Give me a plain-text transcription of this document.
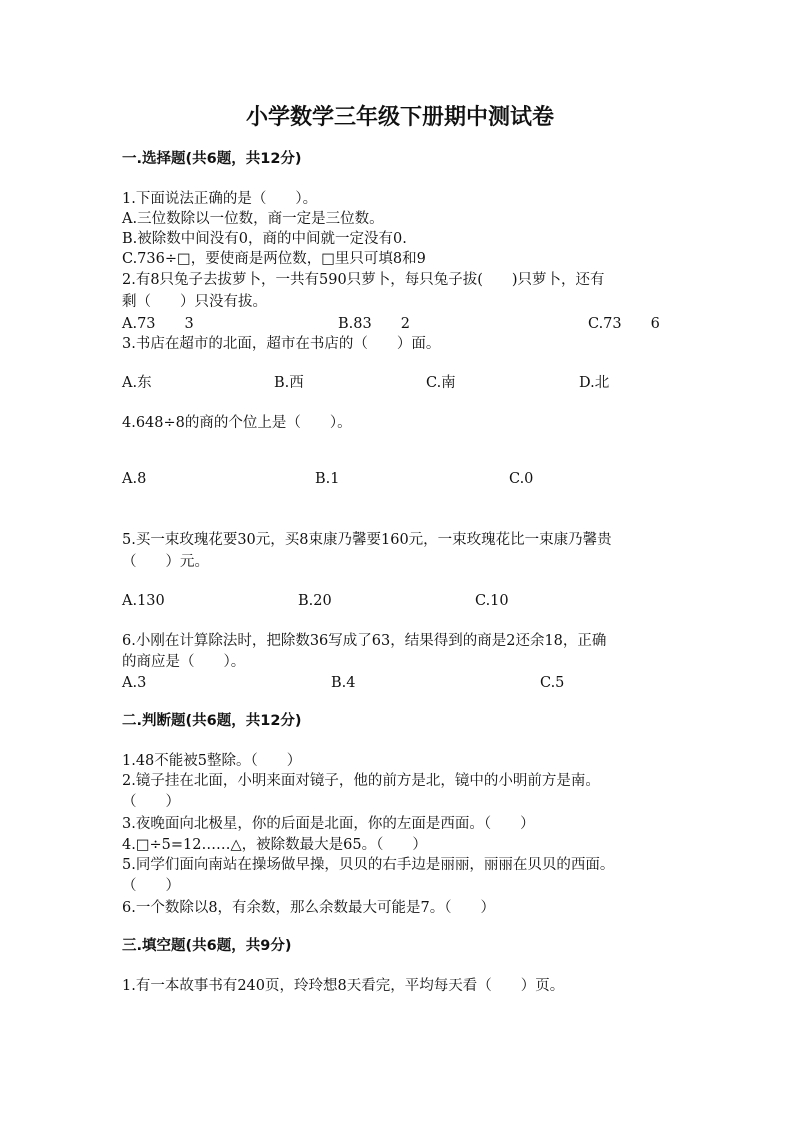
小学数学三年级下册期中测试卷
一.选择题(共6题，共12分)
1.下面说法正确的是（　　）。
A.三位数除以一位数，商一定是三位数。
B.被除数中间没有0，商的中间就一定没有0.
C.736÷□，要使商是两位数，□里只可填8和9
2.有8只兔子去拔萝卜，一共有590只萝卜，每只兔子拔(　　)只萝卜，还有
剩（　　）只没有拔。
A.73　　3	B.83　　2	C.73　　6
3.书店在超市的北面，超市在书店的（　　）面。
A.东	B.西	C.南	D.北
4.648÷8的商的个位上是（　　）。
A.8	B.1	C.0
5.买一束玫瑰花要30元，买8束康乃馨要160元，一束玫瑰花比一束康乃馨贵
（　　）元。
A.130	B.20	C.10
6.小刚在计算除法时，把除数36写成了63，结果得到的商是2还余18，正确
的商应是（　　）。
A.3	B.4	C.5
二.判断题(共6题，共12分)
1.48不能被5整除。（　　）
2.镜子挂在北面，小明来面对镜子，他的前方是北，镜中的小明前方是南。
（　　）
3.夜晚面向北极星，你的后面是北面，你的左面是西面。（　　）
4.□÷5=12……△，被除数最大是65。（　　）
5.同学们面向南站在操场做早操，贝贝的右手边是丽丽，丽丽在贝贝的西面。
（　　）
6.一个数除以8，有余数，那么余数最大可能是7。（　　）
三.填空题(共6题，共9分)
1.有一本故事书有240页，玲玲想8天看完，平均每天看（　　）页。
